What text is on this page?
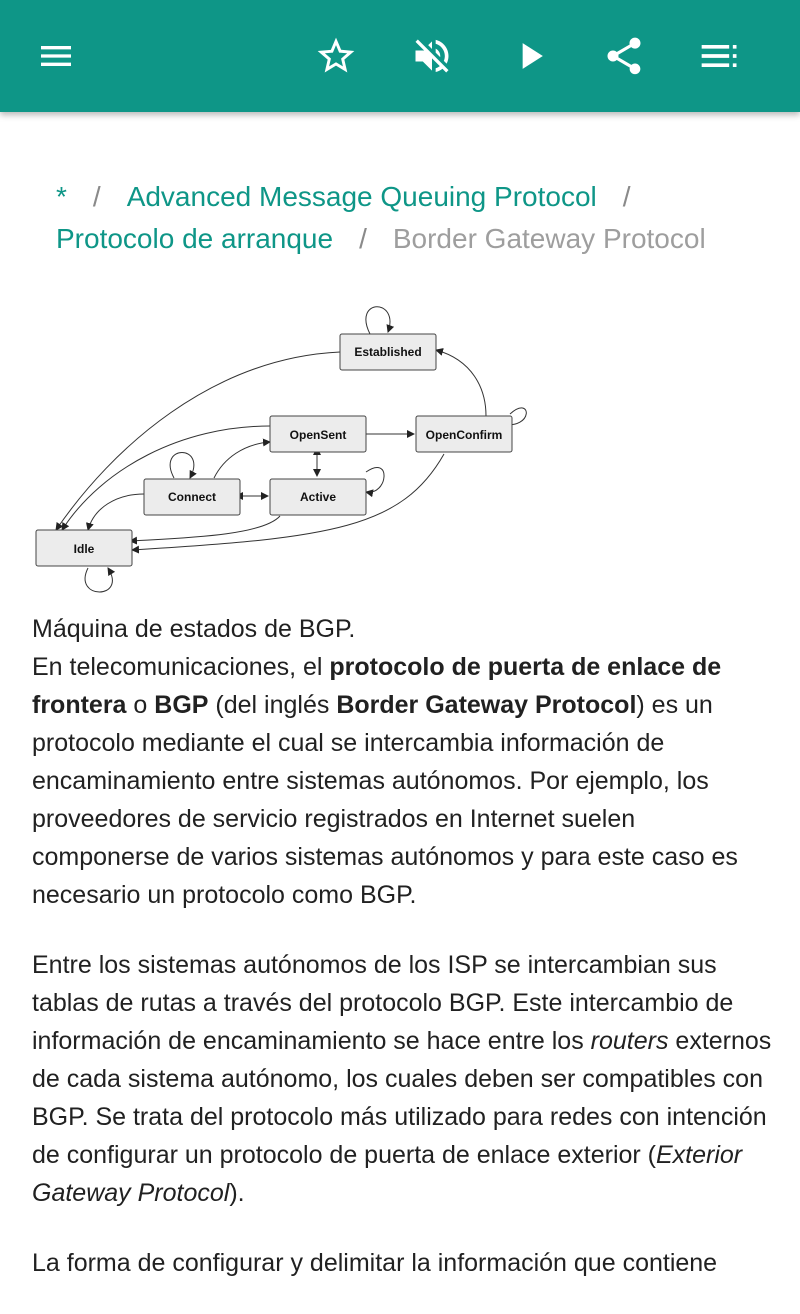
* / Advanced Message Queuing Protocol /
Protocolo de arranque / Border Gateway Protocol
Established
OpenSent	OpenConfirm
Connect	Active
Idle
Máquina de estados de BGP.

En telecomunicaciones, el protocolo de puerta de enlace de frontera o BGP (del inglés Border Gateway Protocol) es un protocolo mediante el cual se intercambia información de encaminamiento entre sistemas autónomos. Por ejemplo, los proveedores de servicio registrados en Internet suelen componerse de varios sistemas autónomos y para este caso es necesario un protocolo como BGP.

Entre los sistemas autónomos de los ISP se intercambian sus tablas de rutas a través del protocolo BGP. Este intercambio de información de encaminamiento se hace entre los routers externos de cada sistema autónomo, los cuales deben ser compatibles con BGP. Se trata del protocolo más utilizado para redes con intención de configurar un protocolo de puerta de enlace exterior (Exterior Gateway Protocol).

La forma de configurar y delimitar la información que contiene
